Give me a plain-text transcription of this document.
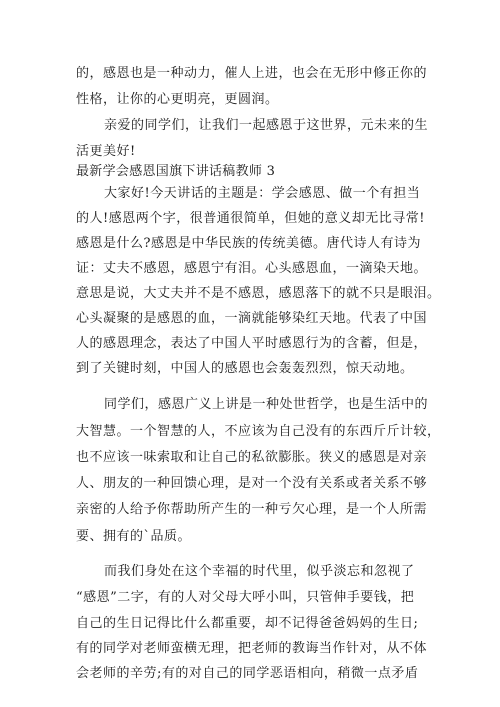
的，感恩也是一种动力，催人上进，也会在无形中修正你的
性格，让你的心更明亮，更圆润。
亲爱的同学们，让我们一起感恩于这世界，元未来的生
活更美好!
最新学会感恩国旗下讲话稿教师 3
大家好!今天讲话的主题是：学会感恩、做一个有担当
的人!感恩两个字，很普通很简单，但她的意义却无比寻常!
感恩是什么?感恩是中华民族的传统美德。唐代诗人有诗为
证：丈夫不感恩，感恩宁有泪。心头感恩血，一滴染天地。
意思是说，大丈夫并不是不感恩，感恩落下的就不只是眼泪。
心头凝聚的是感恩的血，一滴就能够染红天地。代表了中国
人的感恩理念，表达了中国人平时感恩行为的含蓄，但是，
到了关键时刻，中国人的感恩也会轰轰烈烈，惊天动地。
同学们，感恩广义上讲是一种处世哲学，也是生活中的
大智慧。一个智慧的人，不应该为自己没有的东西斤斤计较，
也不应该一味索取和让自己的私欲膨胀。狭义的感恩是对亲
人、朋友的一种回馈心理，是对一个没有关系或者关系不够
亲密的人给予你帮助所产生的一种亏欠心理，是一个人所需
要、拥有的`品质。
而我们身处在这个幸福的时代里，似乎淡忘和忽视了
“感恩”二字，有的人对父母大呼小叫，只管伸手要钱，把
自己的生日记得比什么都重要，却不记得爸爸妈妈的生日;
有的同学对老师蛮横无理，把老师的教诲当作针对，从不体
会老师的辛劳;有的对自己的同学恶语相向，稍微一点矛盾
